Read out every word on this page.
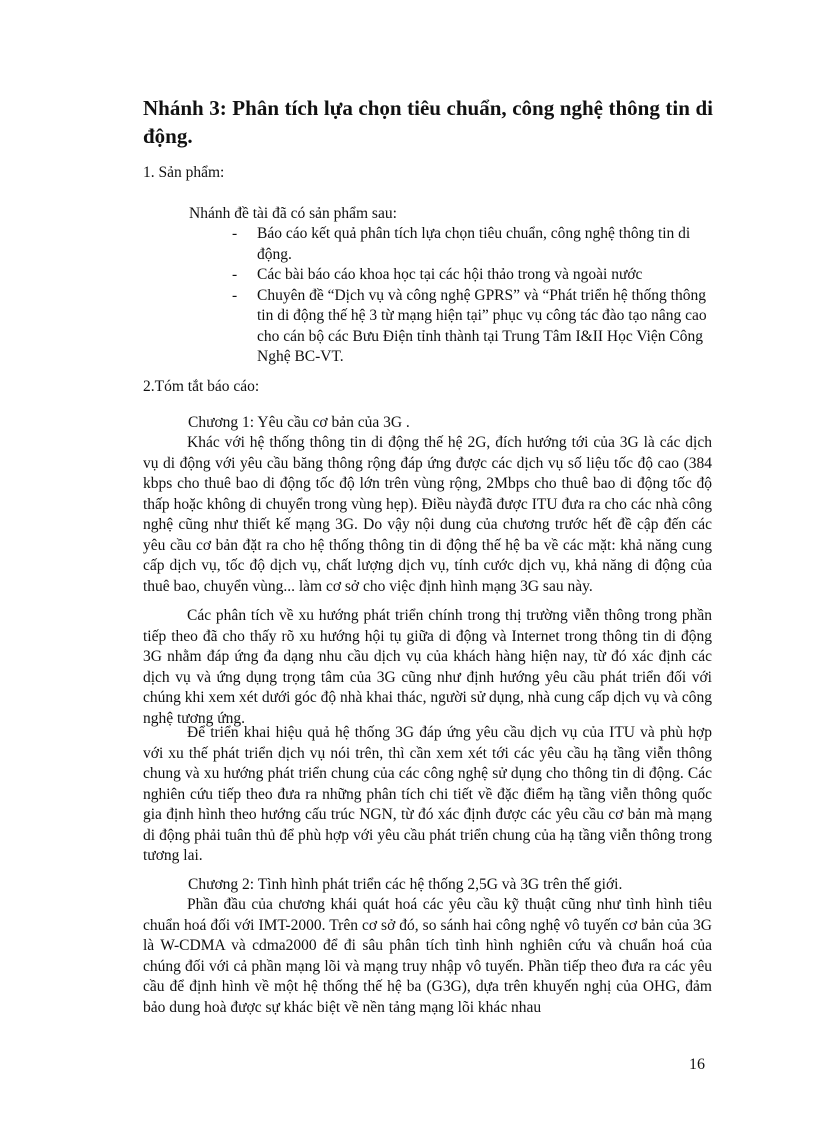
Nhánh 3: Phân tích lựa chọn tiêu chuẩn, công nghệ thông tin di động.
1. Sản phẩm:
Nhánh đề tài đã có sản phẩm sau:
- Báo cáo kết quả phân tích lựa chọn tiêu chuẩn, công nghệ thông tin di động.
- Các bài báo cáo khoa học tại các hội thảo trong và ngoài nước
- Chuyên đề “Dịch vụ và công nghệ GPRS” và “Phát triển hệ thống thông tin di động thế hệ 3 từ mạng hiện tại” phục vụ công tác đào tạo nâng cao cho cán bộ các Bưu Điện tỉnh thành tại Trung Tâm I&II Học Viện Công Nghệ BC-VT.
2.Tóm tắt báo cáo:
Chương 1: Yêu cầu cơ bản của 3G .

Khác với hệ thống thông tin di động thế hệ 2G, đích hướng tới của 3G là các dịch vụ di động với yêu cầu băng thông rộng đáp ứng được các dịch vụ số liệu tốc độ cao (384 kbps cho thuê bao di động tốc độ lớn trên vùng rộng, 2Mbps cho thuê bao di động tốc độ thấp hoặc không di chuyển trong vùng hẹp). Điều nàyđã được ITU đưa ra cho các nhà công nghệ cũng như thiết kế mạng 3G. Do vậy nội dung của chương trước hết đề cập đến các yêu cầu cơ bản đặt ra cho hệ thống thông tin di động thế hệ ba về các mặt: khả năng cung cấp dịch vụ, tốc độ dịch vụ, chất lượng dịch vụ, tính cước dịch vụ, khả năng di động của thuê bao, chuyển vùng... làm cơ sở cho việc định hình mạng 3G sau này.

Các phân tích về xu hướng phát triển chính trong thị trường viễn thông trong phần tiếp theo đã cho thấy rõ xu hướng hội tụ giữa di động và Internet trong thông tin di động 3G nhằm đáp ứng đa dạng nhu cầu dịch vụ của khách hàng hiện nay, từ đó xác định các dịch vụ và ứng dụng trọng tâm của 3G cũng như định hướng yêu cầu phát triển đối với chúng khi xem xét dưới góc độ nhà khai thác, người sử dụng, nhà cung cấp dịch vụ và công nghệ tương ứng.

Để triển khai hiệu quả hệ thống 3G đáp ứng yêu cầu dịch vụ của ITU và phù hợp với xu thế phát triển dịch vụ nói trên, thì cần xem xét tới các yêu cầu hạ tầng viễn thông chung và xu hướng phát triển chung của các công nghệ sử dụng cho thông tin di động. Các nghiên cứu tiếp theo đưa ra những phân tích chi tiết về đặc điểm hạ tầng viễn thông quốc gia định hình theo hướng cấu trúc NGN, từ đó xác định được các yêu cầu cơ bản mà mạng di động phải tuân thủ để phù hợp với yêu cầu phát triển chung của hạ tầng viễn thông trong tương lai.

Chương 2: Tình hình phát triển các hệ thống 2,5G và 3G trên thế giới.

Phần đầu của chương khái quát hoá các yêu cầu kỹ thuật cũng như tình hình tiêu chuẩn hoá đối với IMT-2000. Trên cơ sở đó, so sánh hai công nghệ vô tuyến cơ bản của 3G là W-CDMA và cdma2000 để đi sâu phân tích tình hình nghiên cứu và chuẩn hoá của chúng đối với cả phần mạng lõi và mạng truy nhập vô tuyến. Phần tiếp theo đưa ra các yêu cầu để định hình về một hệ thống thế hệ ba (G3G), dựa trên khuyến nghị của OHG, đảm bảo dung hoà được sự khác biệt về nền tảng mạng lõi khác nhau

16
